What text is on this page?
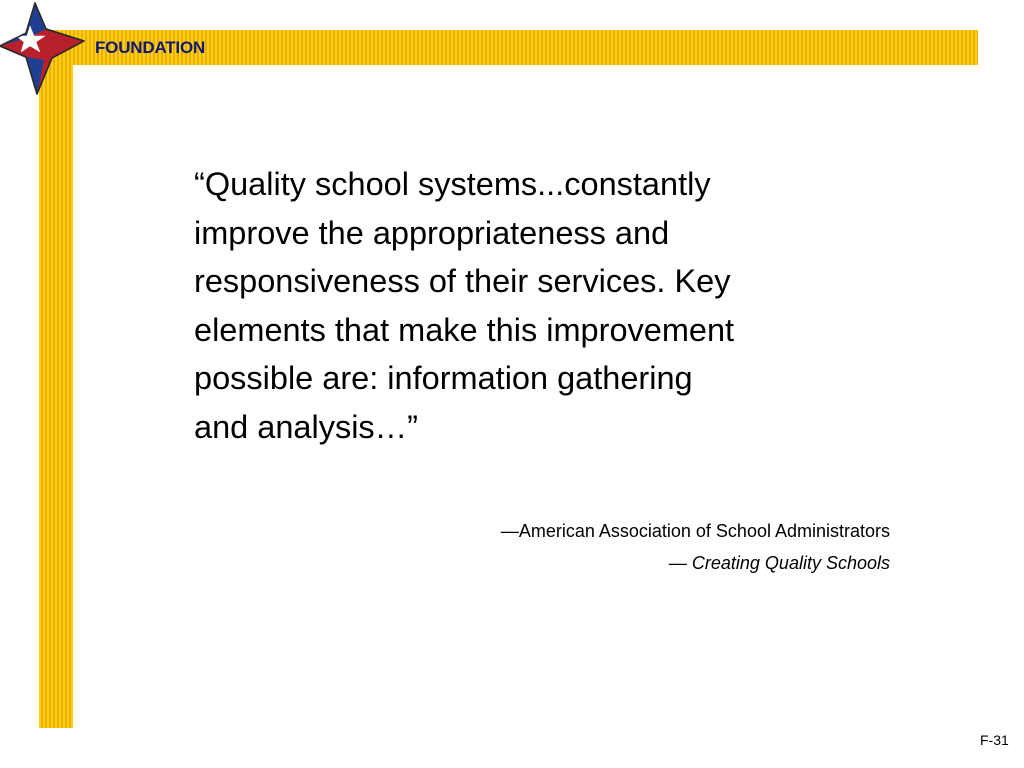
FOUNDATION

“Quality school systems...constantly
improve the appropriateness and
responsiveness of their services. Key
elements that make this improvement
possible are: information gathering
and analysis…”

—American Association of School Administrators
— Creating Quality Schools
F-31
